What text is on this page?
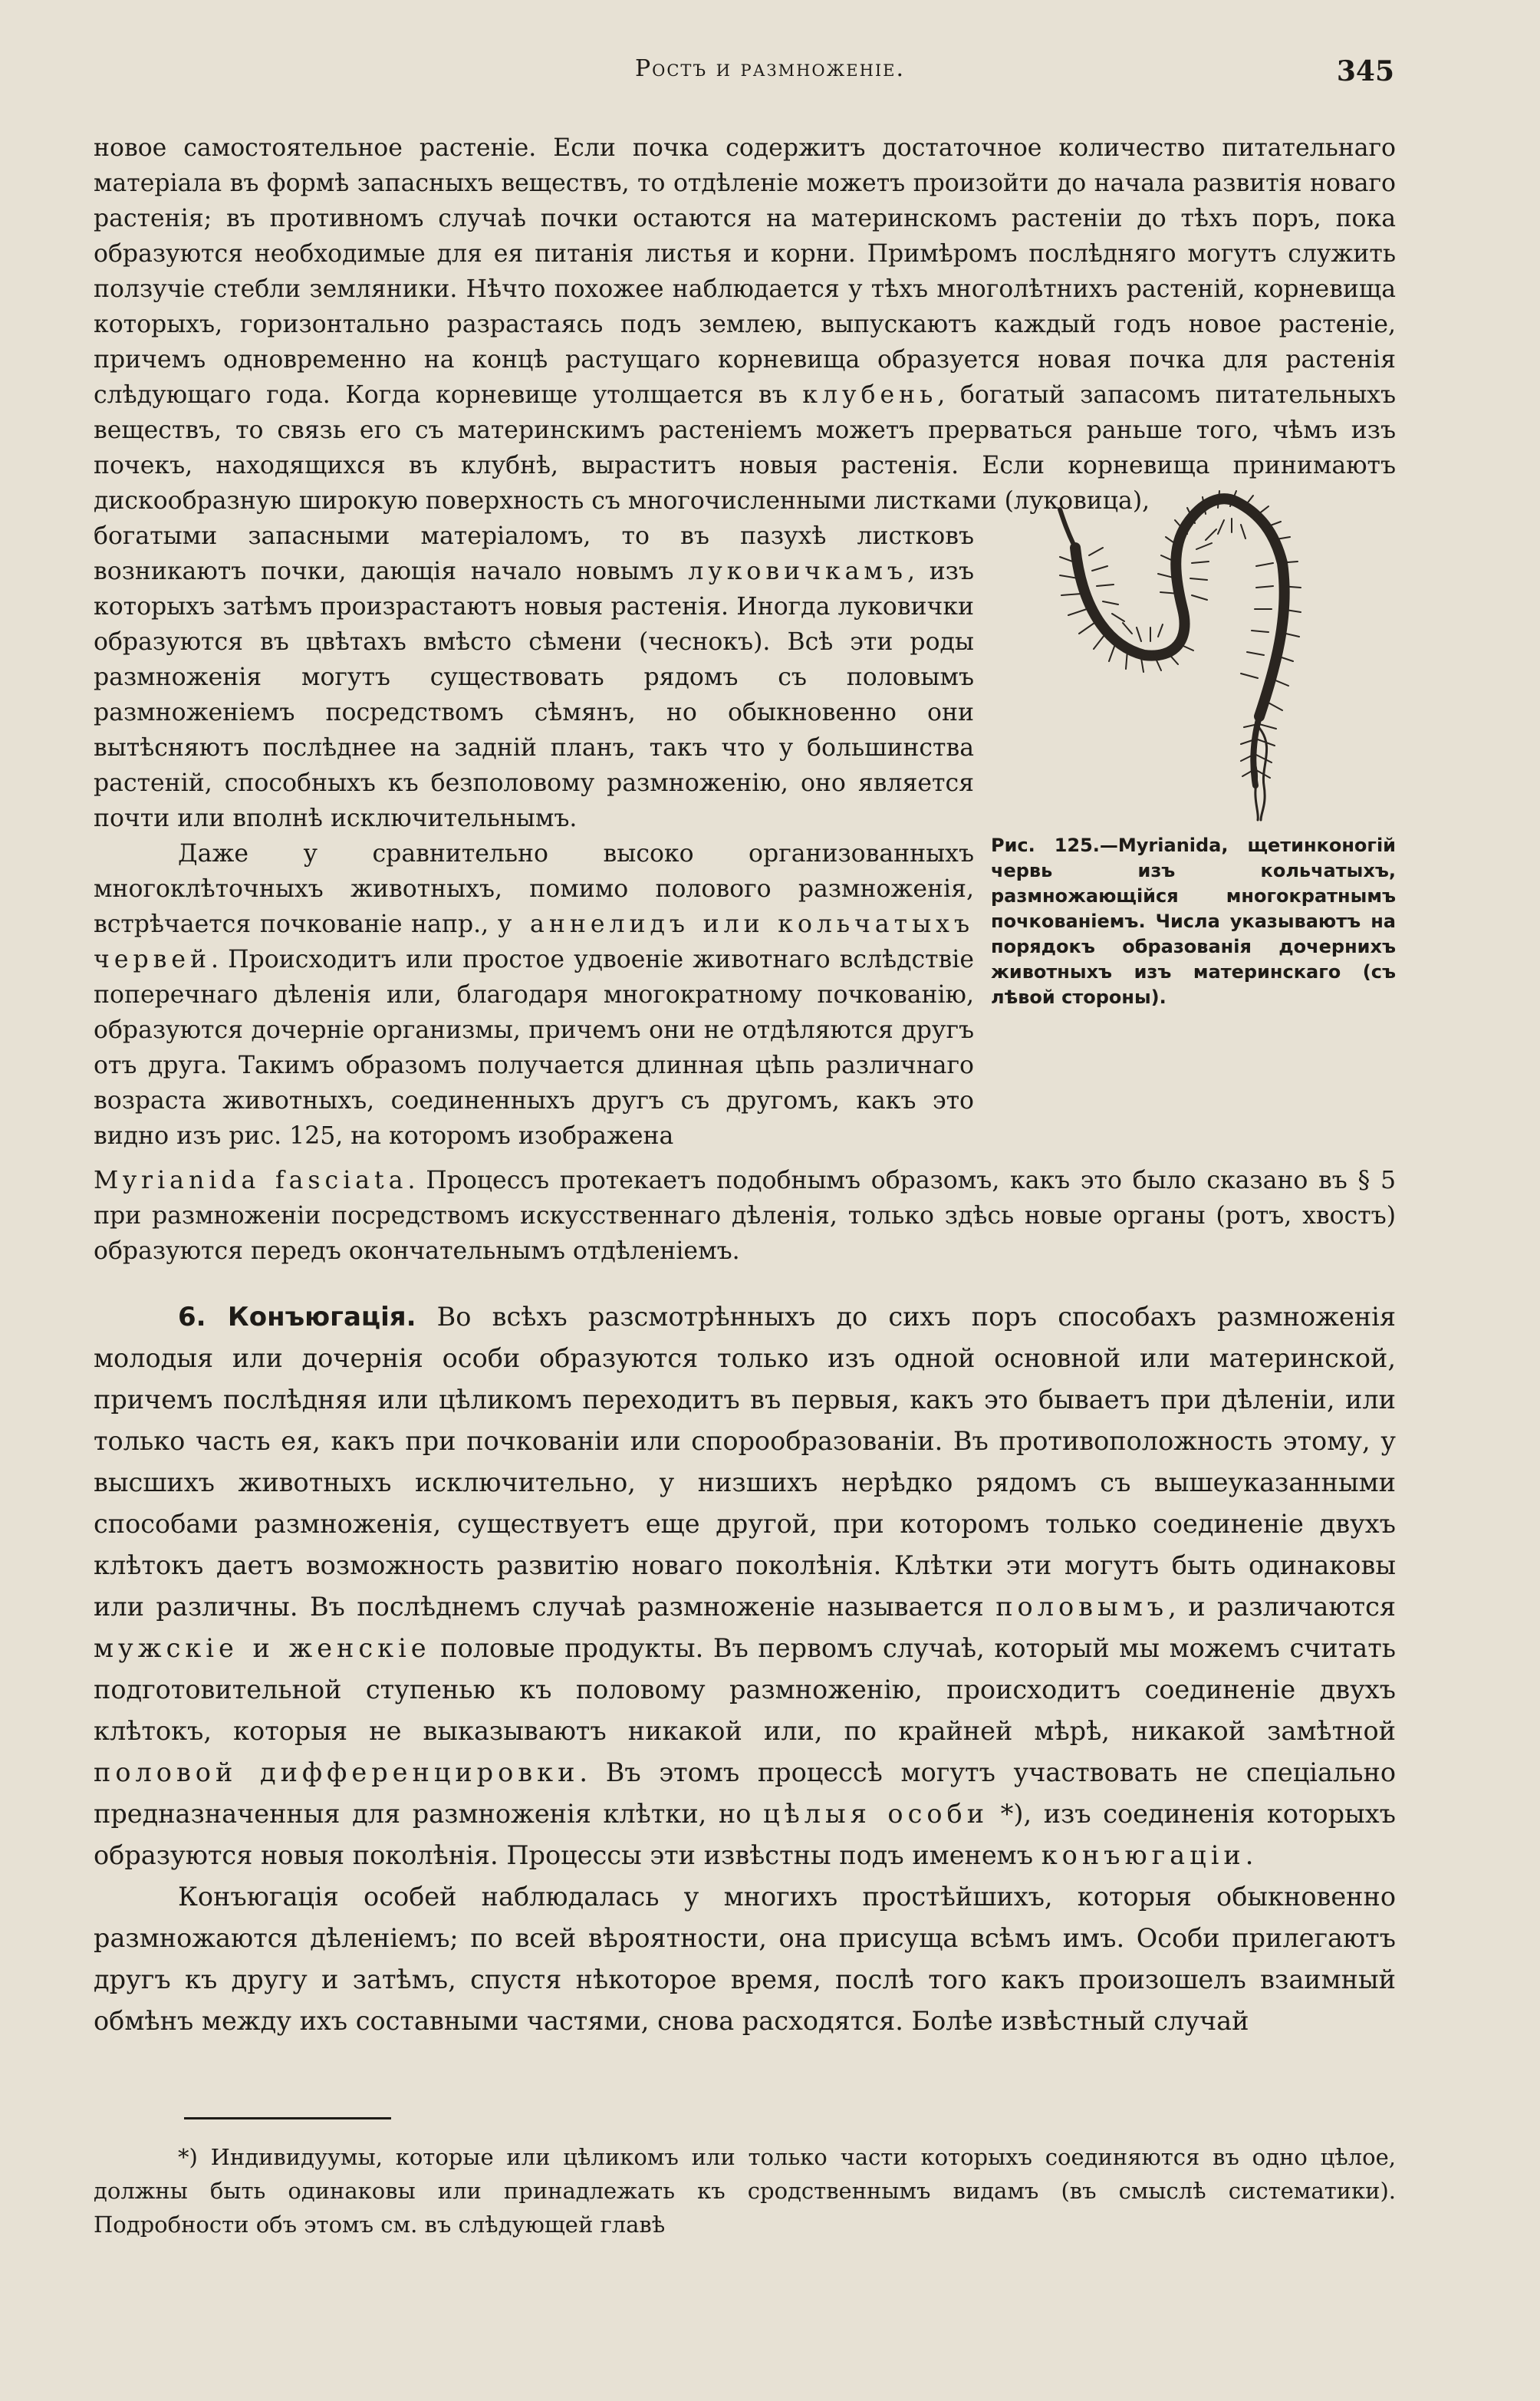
Ростъ и размноженіе.	345
новое самостоятельное растеніе. Если почка содержитъ достаточное количество питательнаго матеріала въ формѣ запасныхъ веществъ, то отдѣленіе можетъ произойти до начала развитія новаго растенія; въ противномъ случаѣ почки остаются на материнскомъ растеніи до тѣхъ поръ, пока образуются необходимые для ея питанія листья и корни. Примѣромъ послѣдняго могутъ служить ползучіе стебли земляники. Нѣчто похожее наблюдается у тѣхъ многолѣтнихъ растеній, корневища которыхъ, горизонтально разрастаясь подъ землею, выпускаютъ каждый годъ новое растеніе, причемъ одновременно на концѣ растущаго корневища образуется новая почка для растенія слѣдующаго года. Когда корневище утолщается въ клубень, богатый запасомъ питательныхъ веществъ, то связь его съ материнскимъ растеніемъ можетъ прерваться раньше того, чѣмъ изъ почекъ, находящихся въ клубнѣ, выраститъ новыя растенія. Если корневища принимаютъ дискообразную широкую поверхность съ многочисленными листками (луковица),

богатыми запасными матеріаломъ, то въ пазухѣ листковъ возникаютъ почки, дающія начало новымъ луковичкамъ, изъ которыхъ затѣмъ произрастаютъ новыя растенія. Иногда луковички образуются въ цвѣтахъ вмѣсто сѣмени (чеснокъ). Всѣ эти роды размноженія могутъ существовать рядомъ съ половымъ размноженіемъ посредствомъ сѣмянъ, но обыкновенно они вытѣсняютъ послѣднее на задній планъ, такъ что у большинства растеній, способныхъ къ безполовому размноженію, оно является почти или вполнѣ исключительнымъ.

Даже у сравнительно высоко организованныхъ многоклѣточныхъ животныхъ, помимо полового размноженія, встрѣчается почкованіе напр., у аннелидъ или кольчатыхъ червей. Происходитъ или простое удвоеніе животнаго вслѣдствіе поперечнаго дѣленія или, благодаря многократному почкованію, образуются дочерніе организмы, причемъ они не отдѣляются другъ отъ друга. Такимъ образомъ получается длинная цѣпь различнаго возраста животныхъ, соединенныхъ другъ съ другомъ, какъ это видно изъ рис. 125, на которомъ изображена

Рис. 125.—Myrianida, щетинконогій червь изъ кольчатыхъ, размножающійся многократнымъ почкованіемъ. Числа указываютъ на порядокъ образованія дочернихъ животныхъ изъ материнскаго (съ лѣвой стороны).
Myrianida fasciata. Процессъ протекаетъ подобнымъ образомъ, какъ это было сказано въ § 5 при размноженіи посредствомъ искусственнаго дѣленія, только здѣсь новые органы (ротъ, хвостъ) образуются передъ окончательнымъ отдѣленіемъ.

6. Конъюгація. Во всѣхъ разсмотрѣнныхъ до сихъ поръ способахъ размноженія молодыя или дочернія особи образуются только изъ одной основной или материнской, причемъ послѣдняя или цѣликомъ переходитъ въ первыя, какъ это бываетъ при дѣленіи, или только часть ея, какъ при почкованіи или спорообразованіи. Въ противоположность этому, у высшихъ животныхъ исключительно, у низшихъ нерѣдко рядомъ съ вышеуказанными способами размноженія, существуетъ еще другой, при которомъ только соединеніе двухъ клѣтокъ даетъ возможность развитію новаго поколѣнія. Клѣтки эти могутъ быть одинаковы или различны. Въ послѣднемъ случаѣ размноженіе называется половымъ, и различаются мужскіе и женскіе половые продукты. Въ первомъ случаѣ, который мы можемъ считать подготовительной ступенью къ половому размноженію, происходитъ соединеніе двухъ клѣтокъ, которыя не выказываютъ никакой или, по крайней мѣрѣ, никакой замѣтной половой дифференцировки. Въ этомъ процессѣ могутъ участвовать не спеціально предназначенныя для размноженія клѣтки, но цѣлыя особи *), изъ соединенія которыхъ образуются новыя поколѣнія. Процессы эти извѣстны подъ именемъ конъюгаціи.

Конъюгація особей наблюдалась у многихъ простѣйшихъ, которыя обыкновенно размножаются дѣленіемъ; по всей вѣроятности, она присуща всѣмъ имъ. Особи прилегаютъ другъ къ другу и затѣмъ, спустя нѣкоторое время, послѣ того какъ произошелъ взаимный обмѣнъ между ихъ составными частями, снова расходятся. Болѣе извѣстный случай

*) Индивидуумы, которые или цѣликомъ или только части которыхъ соединяются въ одно цѣлое, должны быть одинаковы или принадлежать къ сродственнымъ видамъ (въ смыслѣ систематики). Подробности объ этомъ см. въ слѣдующей главѣ
